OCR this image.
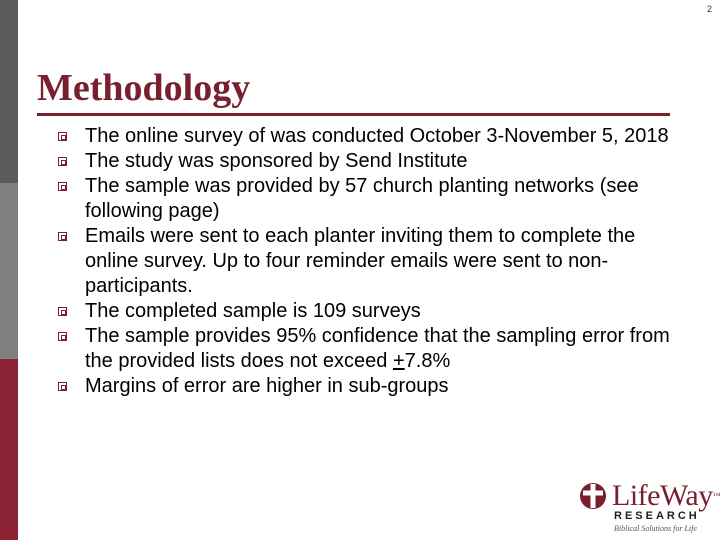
2
Methodology
The online survey of was conducted October 3-November 5, 2018
The study was sponsored by Send Institute
The sample was provided by 57 church planting networks (see following page)
Emails were sent to each planter inviting them to complete the online survey. Up to four reminder emails were sent to non-participants.
The completed sample is 109 surveys
The sample provides 95% confidence that the sampling error from the provided lists does not exceed +7.8%
Margins of error are higher in sub-groups
LifeWay™
RESEARCH
Biblical Solutions for Life
